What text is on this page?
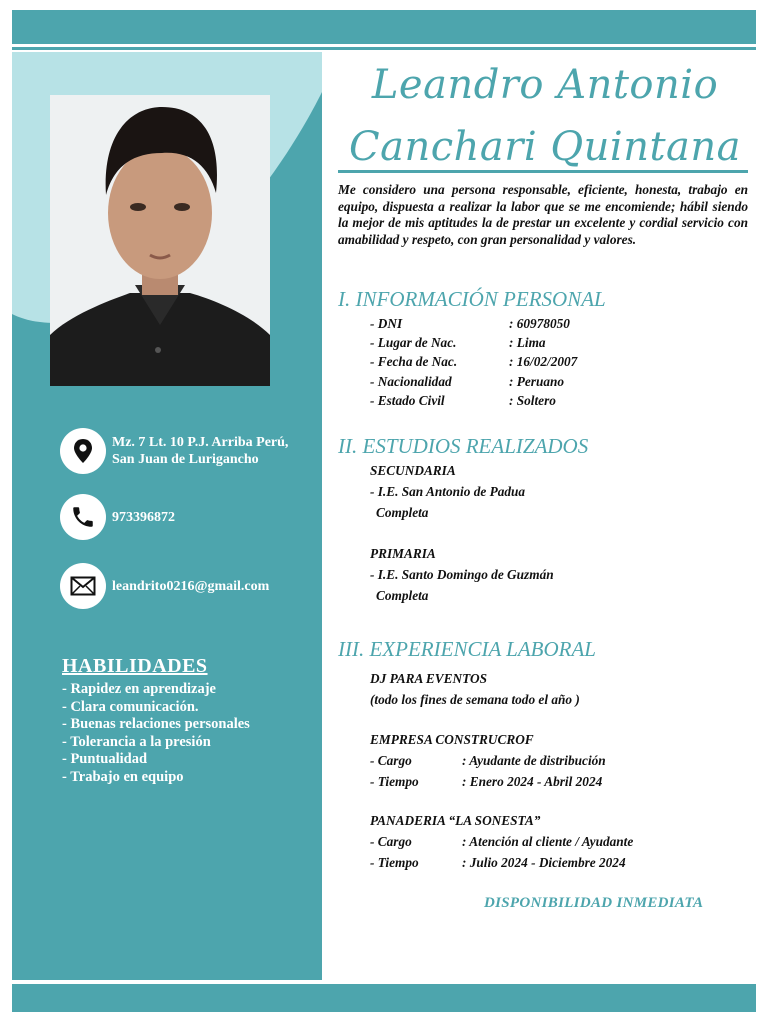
Mz. 7 Lt. 10 P.J. Arriba Perú,
San Juan de Lurigancho
973396872
leandrito0216@gmail.com
HABILIDADES
- Rapidez en aprendizaje
- Clara comunicación.
- Buenas relaciones personales
- Tolerancia a la presión
- Puntualidad
- Trabajo en equipo
Leandro Antonio
Canchari Quintana

Me considero una persona responsable, eficiente, honesta, trabajo en equipo, dispuesta a realizar la labor que se me encomiende; hábil siendo la mejor de mis aptitudes la de prestar un excelente y cordial servicio con amabilidad y respeto, con gran personalidad y valores.

I. INFORMACIÓN PERSONAL
- DNI	: 60978050
- Lugar de Nac.	: Lima
- Fecha de Nac.	: 16/02/2007
- Nacionalidad	: Peruano
- Estado Civil	: Soltero
II. ESTUDIOS REALIZADOS
SECUNDARIA
- I.E. San Antonio de Padua
Completa
PRIMARIA
- I.E. Santo Domingo de Guzmán
Completa
III. EXPERIENCIA LABORAL
DJ PARA EVENTOS
(todo los fines de semana todo el año )
EMPRESA CONSTRUCROF
- Cargo	: Ayudante de distribución
- Tiempo	: Enero 2024 - Abril 2024
PANADERIA “LA SONESTA”
- Cargo	: Atención al cliente / Ayudante
- Tiempo	: Julio 2024 - Diciembre 2024
DISPONIBILIDAD INMEDIATA
